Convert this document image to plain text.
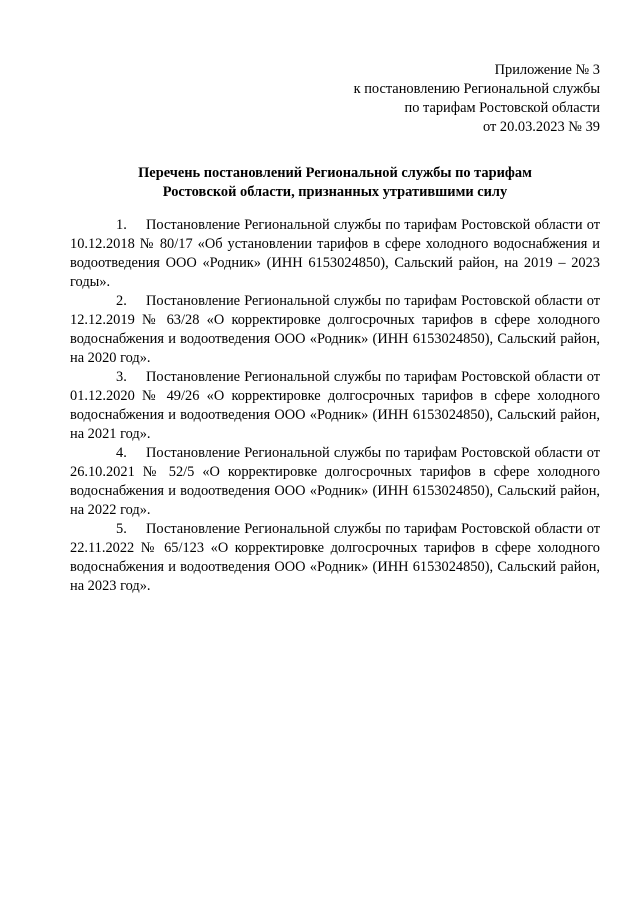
Приложение № 3
к постановлению Региональной службы
по тарифам Ростовской области
от 20.03.2023 № 39
Перечень постановлений Региональной службы по тарифам
Ростовской области, признанных утратившими силу

1. Постановление Региональной службы по тарифам Ростовской области от 10.12.2018 № 80/17 «Об установлении тарифов в сфере холодного водоснабжения и водоотведения ООО «Родник» (ИНН 6153024850), Сальский район, на 2019 – 2023 годы».

2. Постановление Региональной службы по тарифам Ростовской области от 12.12.2019 № 63/28 «О корректировке долгосрочных тарифов в сфере холодного водоснабжения и водоотведения ООО «Родник» (ИНН 6153024850), Сальский район, на 2020 год».

3. Постановление Региональной службы по тарифам Ростовской области от 01.12.2020 № 49/26 «О корректировке долгосрочных тарифов в сфере холодного водоснабжения и водоотведения ООО «Родник» (ИНН 6153024850), Сальский район, на 2021 год».

4. Постановление Региональной службы по тарифам Ростовской области от 26.10.2021 № 52/5 «О корректировке долгосрочных тарифов в сфере холодного водоснабжения и водоотведения ООО «Родник» (ИНН 6153024850), Сальский район, на 2022 год».

5. Постановление Региональной службы по тарифам Ростовской области от 22.11.2022 № 65/123 «О корректировке долгосрочных тарифов в сфере холодного водоснабжения и водоотведения ООО «Родник» (ИНН 6153024850), Сальский район, на 2023 год».
